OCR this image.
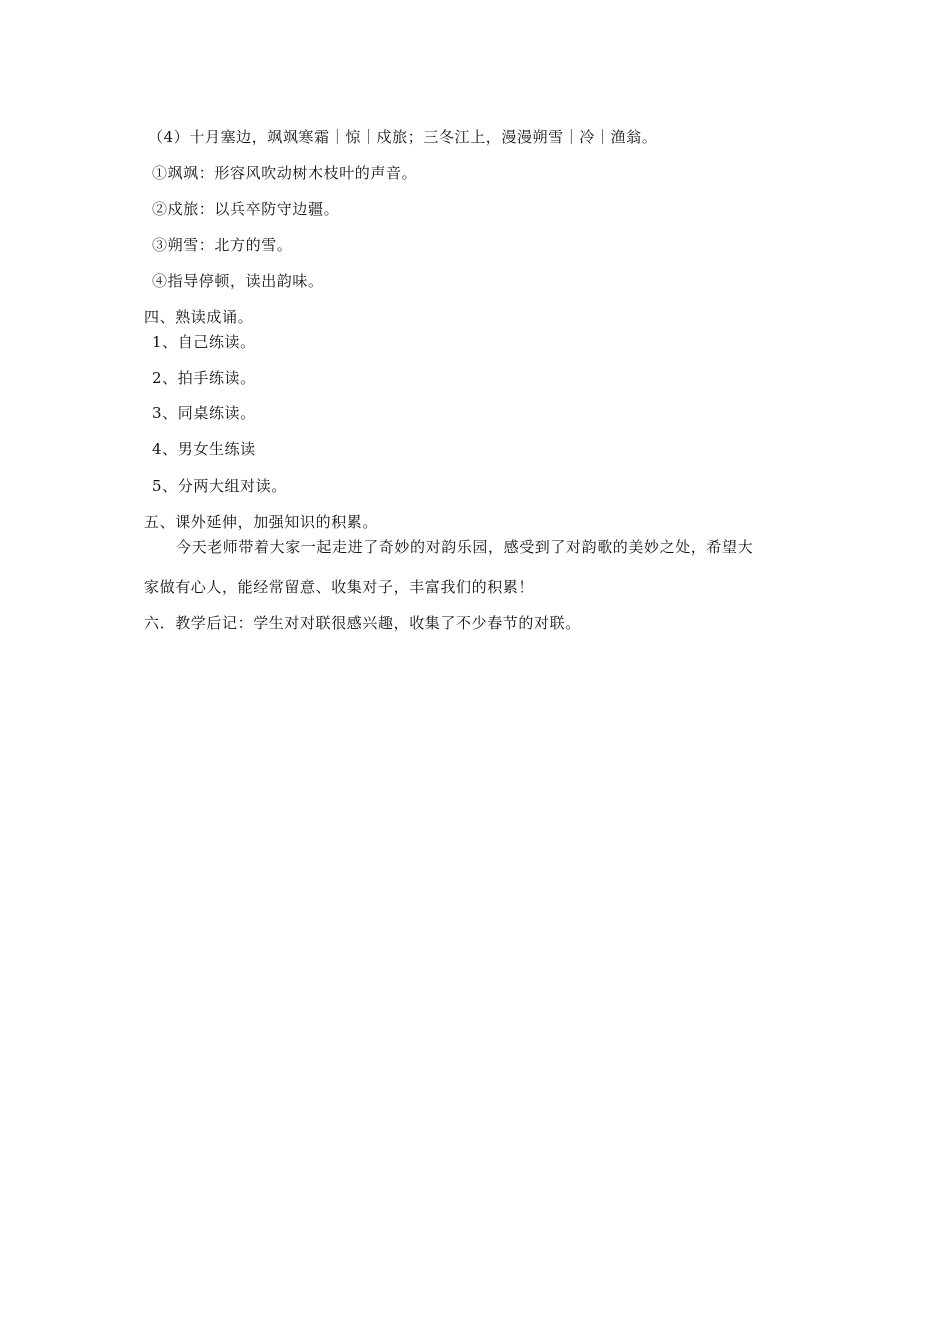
（4）十月塞边，飒飒寒霜｜惊｜戍旅；三冬江上，漫漫朔雪｜冷｜渔翁。
①飒飒：形容风吹动树木枝叶的声音。
②戍旅：以兵卒防守边疆。
③朔雪：北方的雪。
④指导停顿，读出韵味。
四、熟读成诵。
1、自己练读。
2、拍手练读。
3、同桌练读。
4、男女生练读
5、分两大组对读。
五、课外延伸，加强知识的积累。
今天老师带着大家一起走进了奇妙的对韵乐园，感受到了对韵歌的美妙之处，希望大
家做有心人，能经常留意、收集对子，丰富我们的积累！
六．教学后记：学生对对联很感兴趣，收集了不少春节的对联。
